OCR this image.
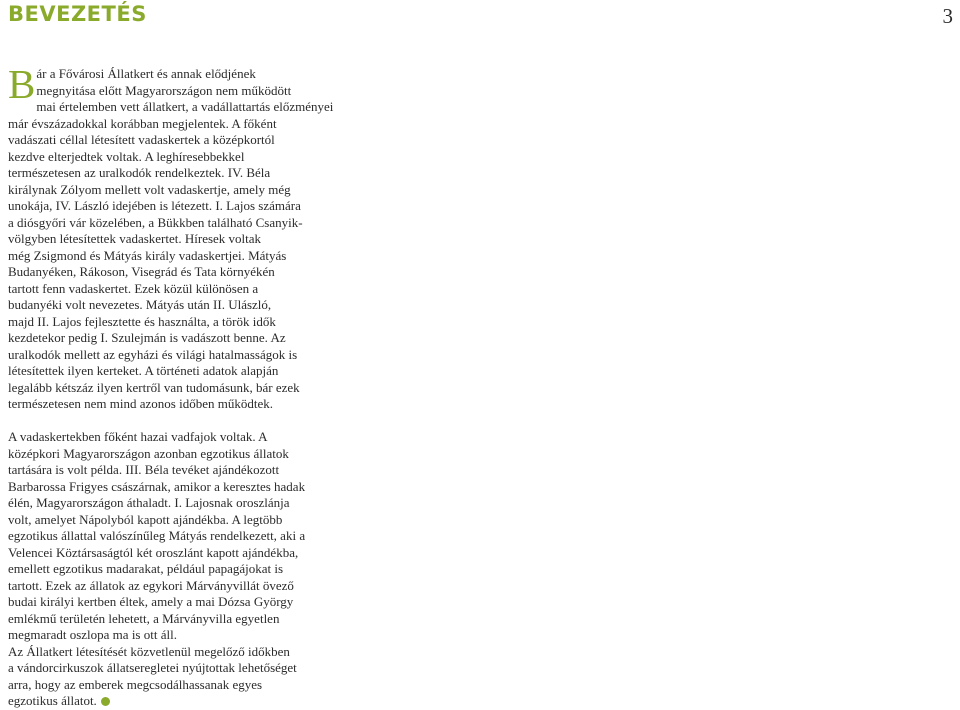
BEVEZETÉS	3
B ár a Fővárosi Állatkert és annak elődjének
megnyitása előtt Magyarországon nem működött
mai értelemben vett állatkert, a vadállattartás előzményei
már évszázadokkal korábban megjelentek. A főként
vadászati céllal létesített vadaskertek a középkortól
kezdve elterjedtek voltak. A leghíresebbekkel
természetesen az uralkodók rendelkeztek. IV. Béla
királynak Zólyom mellett volt vadaskertje, amely még
unokája, IV. László idejében is létezett. I. Lajos számára
a diósgyőri vár közelében, a Bükkben található Csanyik-
völgyben létesítettek vadaskertet. Híresek voltak
még Zsigmond és Mátyás király vadaskertjei. Mátyás
Budanyéken, Rákoson, Visegrád és Tata környékén
tartott fenn vadaskertet. Ezek közül különösen a
budanyéki volt nevezetes. Mátyás után II. Ulászló,
majd II. Lajos fejlesztette és használta, a török idők
kezdetekor pedig I. Szulejmán is vadászott benne. Az
uralkodók mellett az egyházi és világi hatalmasságok is
létesítettek ilyen kerteket. A történeti adatok alapján
legalább kétszáz ilyen kertről van tudomásunk, bár ezek
természetesen nem mind azonos időben működtek.
A vadaskertekben főként hazai vadfajok voltak. A
középkori Magyarországon azonban egzotikus állatok
tartására is volt példa. III. Béla tevéket ajándékozott
Barbarossa Frigyes császárnak, amikor a keresztes hadak
élén, Magyarországon áthaladt. I. Lajosnak oroszlánja
volt, amelyet Nápolyból kapott ajándékba. A legtöbb
egzotikus állattal valószínűleg Mátyás rendelkezett, aki a
Velencei Köztársaságtól két oroszlánt kapott ajándékba,
emellett egzotikus madarakat, például papagájokat is
tartott. Ezek az állatok az egykori Márványvillát övező
budai királyi kertben éltek, amely a mai Dózsa György
emlékmű területén lehetett, a Márványvilla egyetlen
megmaradt oszlopa ma is ott áll.
Az Állatkert létesítését közvetlenül megelőző időkben
a vándorcirkuszok állatseregletei nyújtottak lehetőséget
arra, hogy az emberek megcsodálhassanak egyes
egzotikus állatot.
